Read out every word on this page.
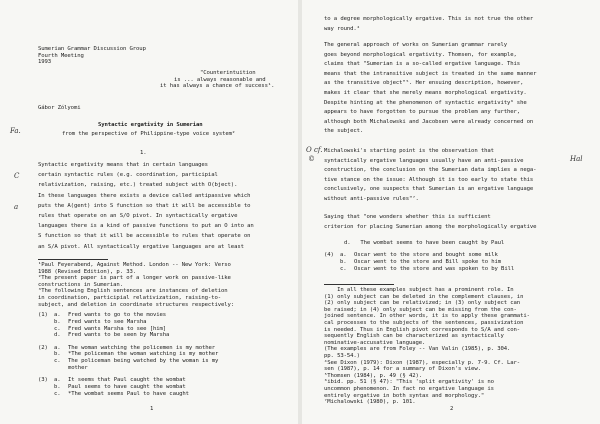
Sumerian Grammar Discussion Group
Fourth Meeting
1993
"Counterintuition
is ... always reasonable and
it has always a chance of success¹.
Gábor Zólyomi
Syntactic ergativity in Sumerian
from the perspective of Philippine-type voice system²
1.
Syntactic ergativity means that in certain languages
certain syntactic rules (e.g. coordination, participial
relativization, raising, etc.) treated subject with O(bject).
In these languages there exists a device called antipassive which
puts the A(gent) into S function so that it will be accessible to
rules that operate on an S/O pivot. In syntactically ergative
languages there is a kind of passive functions to put an O into an
S function so that it will be accessible to rules that operate on
an S/A pivot. All syntactically ergative languages are at least
¹Paul Feyerabend, Against Method. London -- New York: Verso
1988 (Revised Edition), p. 33.
²The present paper is part of a longer work on passive-like
constructions in Sumerian.
³The following English sentences are instances of deletion
in coordination, participial relativization, raising-to-
subject, and deletion in coordinate structures respectively:
(1) a. Fred wants to go to the movies
b. Fred wants to see Marsha
c. Fred wants Marsha to see [him]
d. Fred wants to be seen by Marsha
(2) a. The woman watching the policemen is my mother
b. *The policeman the woman watching is my mother
c. The policeman being watched by the woman is my
mother
(3) a. It seems that Paul caught the wombat
b. Paul seems to have caught the wombat
c. *The wombat seems Paul to have caught
Fa.
C
a
1
to a degree morphologically ergative. This is not true the other
way round.⁴
The general approach of works on Sumerian grammar rarely
goes beyond morphological ergativity. Thomsen, for example,
claims that "Sumerian is a so-called ergative language. This
means that the intransitive subject is treated in the same manner
as the transitive object"⁵. Her ensuing description, however,
makes it clear that she merely means morphological ergativity.
Despite hinting at the phenomenon of syntactic ergativity⁶ she
appears to have forgotten to pursue the problem any further,
although both Michalowski and Jacobsen were already concerned on
the subject.
Michalowski's starting point is the observation that
syntactically ergative languages usually have an anti-passive
construction, the conclusion on the Sumerian data implies a nega-
tive stance on the issue: Although it is too early to state this
conclusively, one suspects that Sumerian is an ergative language
without anti-passive rules"⁷.
Saying that "one wonders whether this is sufficient
criterion for placing Sumerian among the morphologically ergative
d.   The wombat seems to have been caught by Paul
(4) a. Oscar went to the store and bought some milk
b. Oscar went to the store and Bill spoke to him
c. Oscar went to the store and was spoken to by Bill
In all these examples subject has a prominent role. In
(1) only subject can be deleted in the complement clauses, in
(2) only subject can be relativized; in (3) only subject can
be raised; in (4) only subject can be missing from the con-
joined sentence. In other words, it is to apply these grammati-
cal processes to the subjects of the sentences, passivization
is needed. Thus in English pivot corresponds to S/A and con-
sequently English can be characterized as syntactically
nominative-accusative language.
(The examples are from Foley -- Van Valin (1985), p. 304.
pp. 53-54.)
⁴See Dixon (1979): Dixon (1987), especially p. 7-9. Cf. Lar-
sen (1987), p. 14 for a summary of Dixon's view.
⁵Thomsen (1984), p. 49 (§ 42).
⁶ibid. pp. 51 (§ 47): "This 'split ergativity' is no
uncommon phenomenon. In fact no ergative language is
entirely ergative in both syntax and morphology."
⁷Michalowski (1980), p. 101.
O cf.
©	Hal
2
